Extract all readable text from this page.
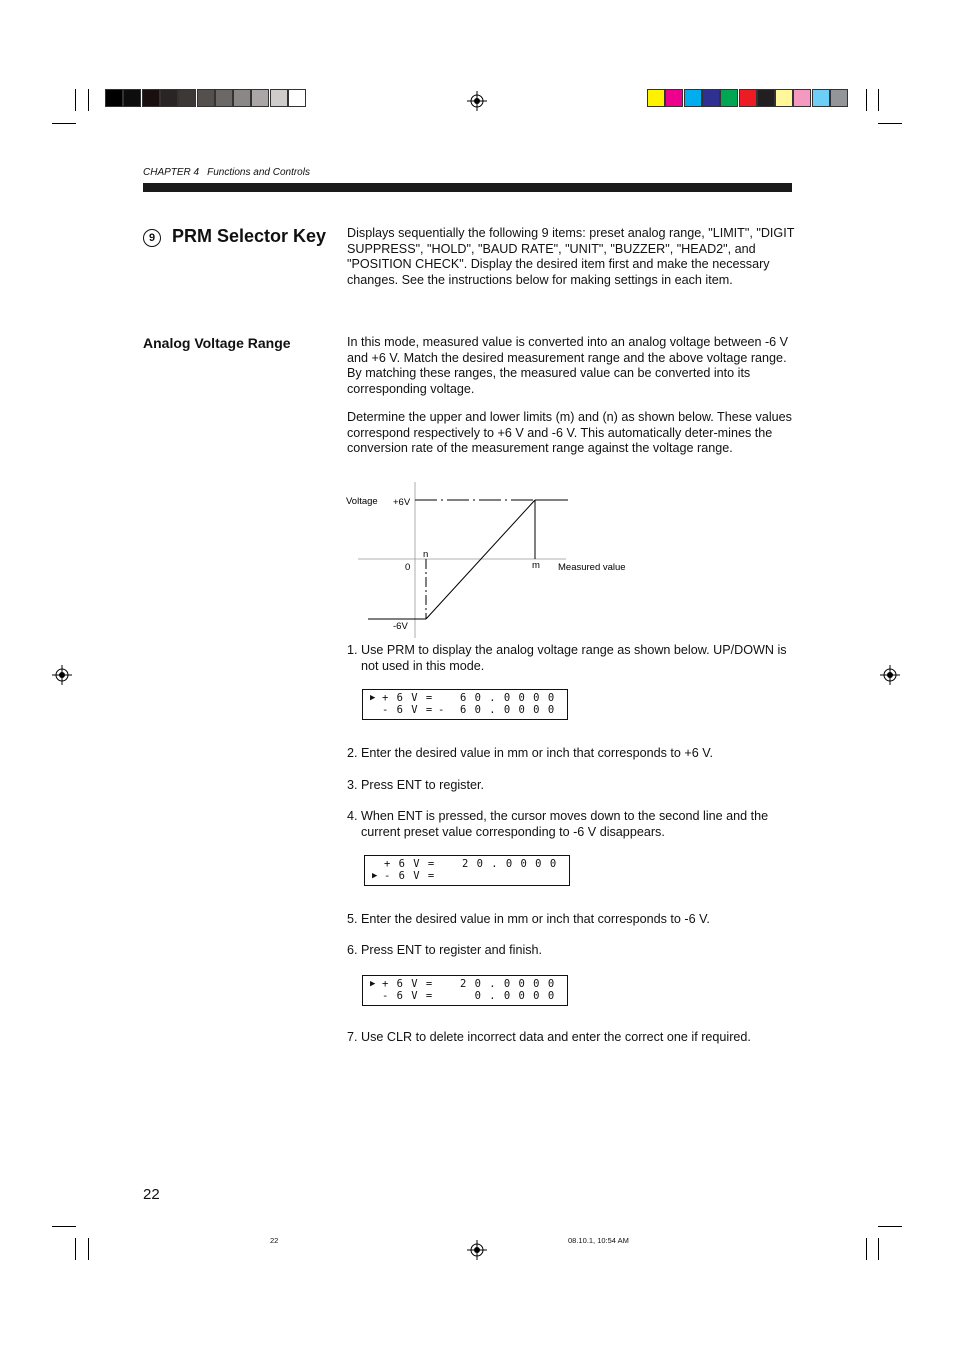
CHAPTER 4 Functions and Controls
9 PRM Selector Key	Displays sequentially the following 9 items: preset analog range, "LIMIT", "DIGIT SUPPRESS", "HOLD", "BAUD RATE", "UNIT", "BUZZER", "HEAD2", and "POSITION CHECK". Display the desired item first and make the necessary changes. See the instructions below for making settings in each item.
Analog Voltage Range	In this mode, measured value is converted into an analog voltage between -6 V and +6 V. Match the desired measurement range and the above voltage range. By matching these ranges, the measured value can be converted into its corresponding voltage.
Determine the upper and lower limits (m) and (n) as shown below. These values correspond respectively to +6 V and -6 V. This automatically deter-mines the conversion rate of the measurement range against the voltage range.
Voltage +6V
-6V
0
n
m Measured value
1. Use PRM to display the analog voltage range as shown below. UP/DOWN is not used in this mode.
▶ + 6 V = 6 0 . 0 0 0 0
- 6 V = -  6 0 . 0 0 0 0
2. Enter the desired value in mm or inch that corresponds to +6 V.
3. Press ENT to register.
4. When ENT is pressed, the cursor moves down to the second line and the current preset value corresponding to -6 V disappears.
+ 6 V = 2 0 . 0 0 0 0
▶ - 6 V =
5. Enter the desired value in mm or inch that corresponds to -6 V.
6. Press ENT to register and finish.
▶ + 6 V = 2 0 . 0 0 0 0
- 6 V = 0 . 0 0 0 0
7. Use CLR to delete incorrect data and enter the correct one if required.
22
22	08.10.1, 10:54 AM
